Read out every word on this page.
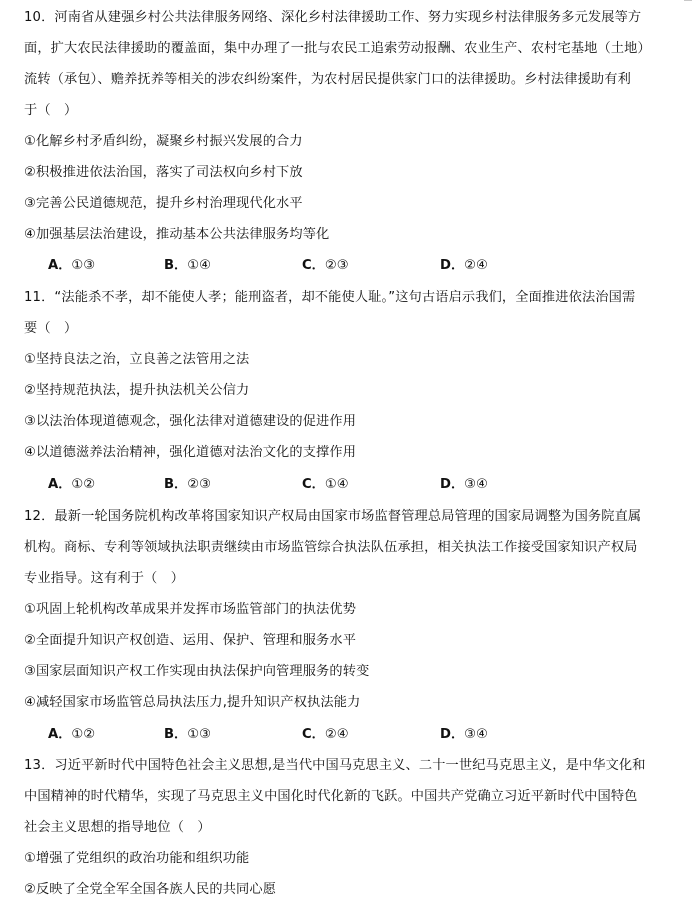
10．河南省从建强乡村公共法律服务网络、深化乡村法律援助工作、努力实现乡村法律服务多元发展等方
面，扩大农民法律援助的覆盖面，集中办理了一批与农民工追索劳动报酬、农业生产、农村宅基地（土地）
流转（承包）、赡养抚养等相关的涉农纠纷案件，为农村居民提供家门口的法律援助。乡村法律援助有利
于（　）
①化解乡村矛盾纠纷，凝聚乡村振兴发展的合力
②积极推进依法治国，落实了司法权向乡村下放
③完善公民道德规范，提升乡村治理现代化水平
④加强基层法治建设，推动基本公共法律服务均等化
A．①③	B．①④	C．②③	D．②④
11．“法能杀不孝，却不能使人孝；能刑盗者，却不能使人耻。”这句古语启示我们，全面推进依法治国需
要（　）
①坚持良法之治，立良善之法管用之法
②坚持规范执法，提升执法机关公信力
③以法治体现道德观念，强化法律对道德建设的促进作用
④以道德滋养法治精神，强化道德对法治文化的支撑作用
A．①②	B．②③	C．①④	D．③④
12．最新一轮国务院机构改革将国家知识产权局由国家市场监督管理总局管理的国家局调整为国务院直属
机构。商标、专利等领域执法职责继续由市场监管综合执法队伍承担，相关执法工作接受国家知识产权局
专业指导。这有利于（　）
①巩固上轮机构改革成果并发挥市场监管部门的执法优势
②全面提升知识产权创造、运用、保护、管理和服务水平
③国家层面知识产权工作实现由执法保护向管理服务的转变
④减轻国家市场监管总局执法压力,提升知识产权执法能力
A．①②	B．①③	C．②④	D．③④
13．习近平新时代中国特色社会主义思想,是当代中国马克思主义、二十一世纪马克思主义，是中华文化和
中国精神的时代精华，实现了马克思主义中国化时代化新的飞跃。中国共产党确立习近平新时代中国特色
社会主义思想的指导地位（　）
①增强了党组织的政治功能和组织功能
②反映了全党全军全国各族人民的共同心愿
